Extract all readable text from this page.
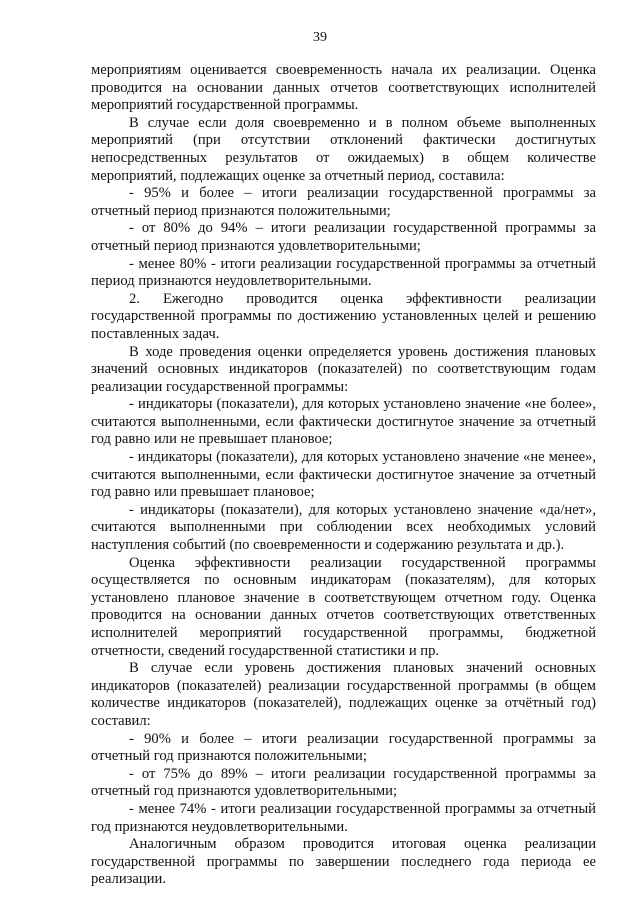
39

мероприятиям оценивается своевременность начала их реализации. Оценка проводится на основании данных отчетов соответствующих исполнителей мероприятий государственной программы.

В случае если доля своевременно и в полном объеме выполненных мероприятий (при отсутствии отклонений фактически достигнутых непосредственных результатов от ожидаемых) в общем количестве мероприятий, подлежащих оценке за отчетный период, составила:

- 95% и более – итоги реализации государственной программы за отчетный период признаются положительными;

- от 80% до 94% – итоги реализации государственной программы за отчетный период признаются удовлетворительными;

- менее 80% - итоги реализации государственной программы за отчетный период признаются неудовлетворительными.

2. Ежегодно проводится оценка эффективности реализации государственной программы по достижению установленных целей и решению поставленных задач.

В ходе проведения оценки определяется уровень достижения плановых значений основных индикаторов (показателей) по соответствующим годам реализации государственной программы:

- индикаторы (показатели), для которых установлено значение «не более», считаются выполненными, если фактически достигнутое значение за отчетный год равно или не превышает плановое;

- индикаторы (показатели), для которых установлено значение «не менее», считаются выполненными, если фактически достигнутое значение за отчетный год равно или превышает плановое;

- индикаторы (показатели), для которых установлено значение «да/нет», считаются выполненными при соблюдении всех необходимых условий наступления событий (по своевременности и содержанию результата и др.).

Оценка эффективности реализации государственной программы осуществляется по основным индикаторам (показателям), для которых установлено плановое значение в соответствующем отчетном году. Оценка проводится на основании данных отчетов соответствующих ответственных исполнителей мероприятий государственной программы, бюджетной отчетности, сведений государственной статистики и пр.

В случае если уровень достижения плановых значений основных индикаторов (показателей) реализации государственной программы (в общем количестве индикаторов (показателей), подлежащих оценке за отчётный год) составил:

- 90% и более – итоги реализации государственной программы за отчетный год признаются положительными;

- от 75% до 89% – итоги реализации государственной программы за отчетный год признаются удовлетворительными;

- менее 74% - итоги реализации государственной программы за отчетный год признаются неудовлетворительными.

Аналогичным образом проводится итоговая оценка реализации государственной программы по завершении последнего года периода ее реализации.
